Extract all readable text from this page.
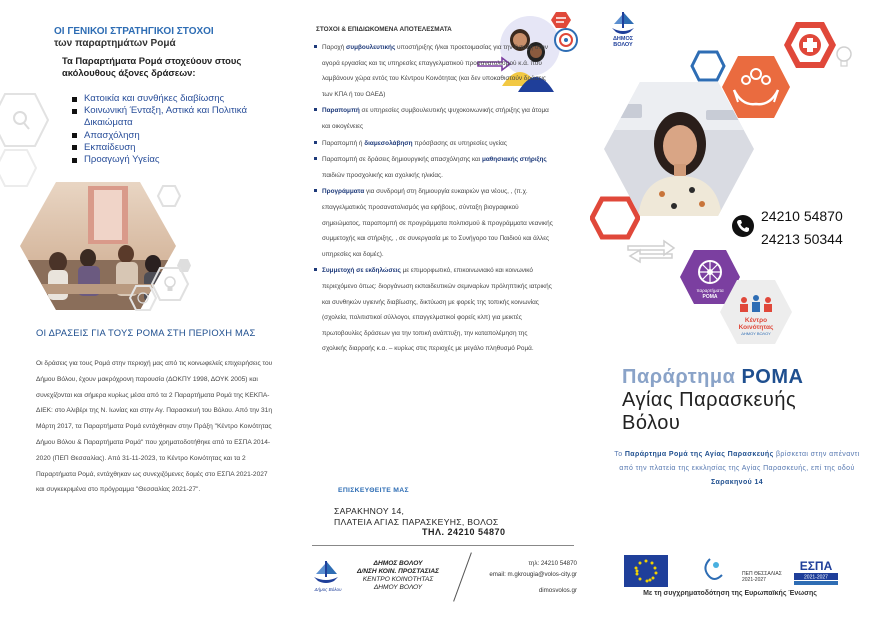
ΟΙ ΓΕΝΙΚΟΙ ΣΤΡΑΤΗΓΙΚΟΙ ΣΤΟΧΟΙ
των παραρτημάτων Ρομά
Τα Παραρτήματα Ρομά στοχεύουν στους ακόλουθους άξονες δράσεων:
Κατοικία και συνθήκες διαβίωσης
Κοινωνική Ένταξη, Αστικά και Πολιτικά Δικαιώματα
Απασχόληση
Εκπαίδευση
Προαγωγή Υγείας
ΟΙ ΔΡΑΣΕΙΣ ΓΙΑ ΤΟΥΣ ΡΟΜΑ ΣΤΗ ΠΕΡΙΟΧΗ ΜΑΣ
Οι δράσεις για τους Ρομά στην περιοχή μας από τις κοινωφελείς επιχειρήσεις του Δήμου Βόλου, έχουν μακρόχρονη παρουσία (ΔΟΚΠΥ 1998, ΔΟΥΚ 2005) και συνεχίζονται και σήμερα κυρίως μέσα από τα 2 Παραρτήματα Ρομά της ΚΕΚΠΑ-ΔΙΕΚ: στο Αλιβέρι της Ν. Ιωνίας και στην Αγ. Παρασκευή του Βόλου. Από την 31η Μάρτη 2017, τα Παραρτήματα Ρομά εντάχθηκαν στην Πράξη "Κέντρο Κοινότητας Δήμου Βόλου & Παραρτήματα Ρομά" που χρηματοδοτήθηκε από το ΕΣΠΑ 2014-2020 (ΠΕΠ Θεσσαλίας). Από 31-11-2023, το Κέντρο Κοινότητας και τα 2 Παραρτήματα Ρομά, εντάχθηκαν ως συνεχιζόμενες δομές στο ΕΣΠΑ 2021-2027 και συγκεκριμένα στο πρόγραμμα "Θεσσαλίας 2021-27".
ΣΤΟΧΟΙ & ΕΠΙΔΙΩΚΟΜΕΝΑ ΑΠΟΤΕΛΕΣΜΑΤΑ
ΔΗΜΟΣ
ΒΟΛΟΥ
Παροχή συμβουλευτικής υποστήριξης ή/και προετοιμασίας για την ένταξη στην αγορά εργασίας και τις υπηρεσίες επαγγελματικού προσανατολισμού κ.ά. που λαμβάνουν χώρα εντός του Κέντρου Κοινότητας (και δεν υποκαθιστούν δράσεις των ΚΠΑ ή του ΟΑΕΔ)
Παραπομπή σε υπηρεσίες συμβουλευτικής ψυχοκοινωνικής στήριξης για άτομα και οικογένειες
Παραπομπή ή διαμεσολάβηση πρόσβασης σε υπηρεσίες υγείας
Παραπομπή σε δράσεις δημιουργικής απασχόλησης και μαθησιακής στήριξης παιδιών προσχολικής και σχολικής ηλικίας.
Προγράμματα για συνδρομή στη δημιουργία ευκαιριών για νέους, , (π.χ. επαγγελματικός προσανατολισμός για εφήβους, σύνταξη βιογραφικού σημειώματος, παραπομπή σε προγράμματα πολιτισμού & προγράμματα νεανικής συμμετοχής και στήριξης, , σε συνεργασία με το Συνήγορο του Παιδιού και άλλες υπηρεσίες και δομές).
Συμμετοχή σε εκδηλώσεις με επιμορφωτικό, επικοινωνιακό και κοινωνικό περιεχόμενο όπως: διοργάνωση εκπαιδευτικών σεμιναρίων πρόληπτικής ιατρικής και συνθηκών υγιεινής διαβίωσης, δικτύωση με φορείς της τοπικής κοινωνίας (σχολεία, πολιτιστικοί σύλλογοι, επαγγελματικοί φορείς κλπ) για μεικτές πρωτοβουλίες δράσεων για την τοπική ανάπτυξη, την καταπολέμηση της σχολικής διαρροής κ.α. – κυρίως στις περιοχές με μεγάλο πληθυσμό Ρομά.
ΕΠΙΣΚΕΥΘΕΙΤΕ ΜΑΣ
ΣΑΡΑΚΗΝΟΥ 14,
ΠΛΑΤΕΙΑ ΑΓΙΑΣ ΠΑΡΑΣΚΕΥΗΣ, ΒΟΛΟΣ
ΤΗΛ. 24210 54870
Δήμος Βόλου
ΔΗΜΟΣ ΒΟΛΟΥ
Δ/ΝΣΗ ΚΟΙΝ. ΠΡΟΣΤΑΣΙΑΣ
ΚΕΝΤΡΟ ΚΟΙΝΟΤΗΤΑΣ
ΔΗΜΟΥ ΒΟΛΟΥ
τηλ: 24210 54870
email: m.gkrougia@volos-city.gr
dimosvolos.gr
24210 54870
24213 50344
παραρτήματα
ΡΟΜΑ
Κέντρο
Κοινότητας
ΔΗΜΟΥ ΒΟΛΟΥ
Παράρτημα ΡΟΜΑ
Αγίας Παρασκευής
Βόλου
Το Παράρτημα Ρομά της Αγίας Παρασκευής βρίσκεται στην απέναντι από την πλατεία της εκκλησίας της Αγίας Παρασκευής, επί της οδού Σαρακηνού 14
ΠΕΠ ΘΕΣΣΑΛΙΑΣ
2021-2027
ΕΣΠΑ
2021-2027
Με τη συγχρηματοδότηση της Ευρωπαϊκής Ένωσης
